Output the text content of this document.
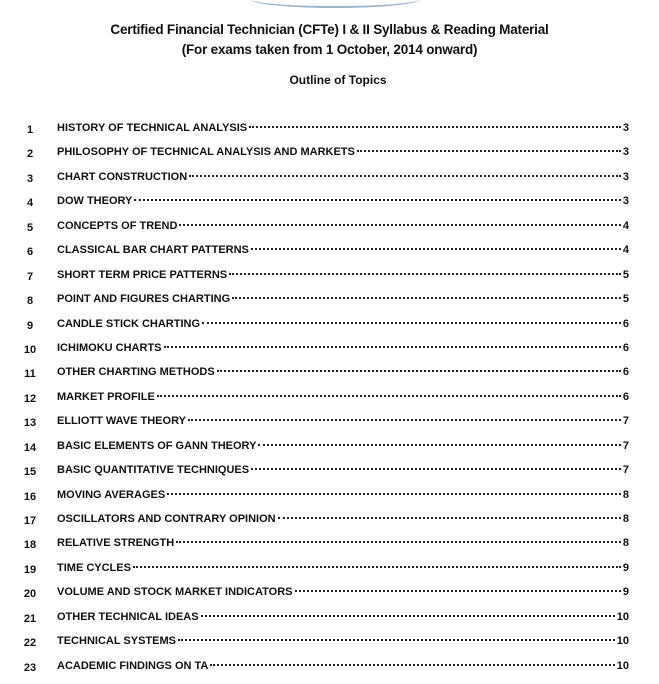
Certified Financial Technician (CFTe) I & II Syllabus & Reading Material
(For exams taken from 1 October, 2014 onward)
Outline of Topics
1	HISTORY OF TECHNICAL ANALYSIS	3
2	PHILOSOPHY OF TECHNICAL ANALYSIS AND MARKETS	3
3	CHART CONSTRUCTION	3
4	DOW THEORY	3
5	CONCEPTS OF TREND	4
6	CLASSICAL BAR CHART PATTERNS	4
7	SHORT TERM PRICE PATTERNS	5
8	POINT AND FIGURES CHARTING	5
9	CANDLE STICK CHARTING	6
10	ICHIMOKU CHARTS	6
11	OTHER CHARTING METHODS	6
12	MARKET PROFILE	6
13	ELLIOTT WAVE THEORY	7
14	BASIC ELEMENTS OF GANN THEORY	7
15	BASIC QUANTITATIVE TECHNIQUES	7
16	MOVING AVERAGES	8
17	OSCILLATORS AND CONTRARY OPINION	8
18	RELATIVE STRENGTH	8
19	TIME CYCLES	9
20	VOLUME AND STOCK MARKET INDICATORS	9
21	OTHER TECHNICAL IDEAS	10
22	TECHNICAL SYSTEMS	10
23	ACADEMIC FINDINGS ON TA	10
